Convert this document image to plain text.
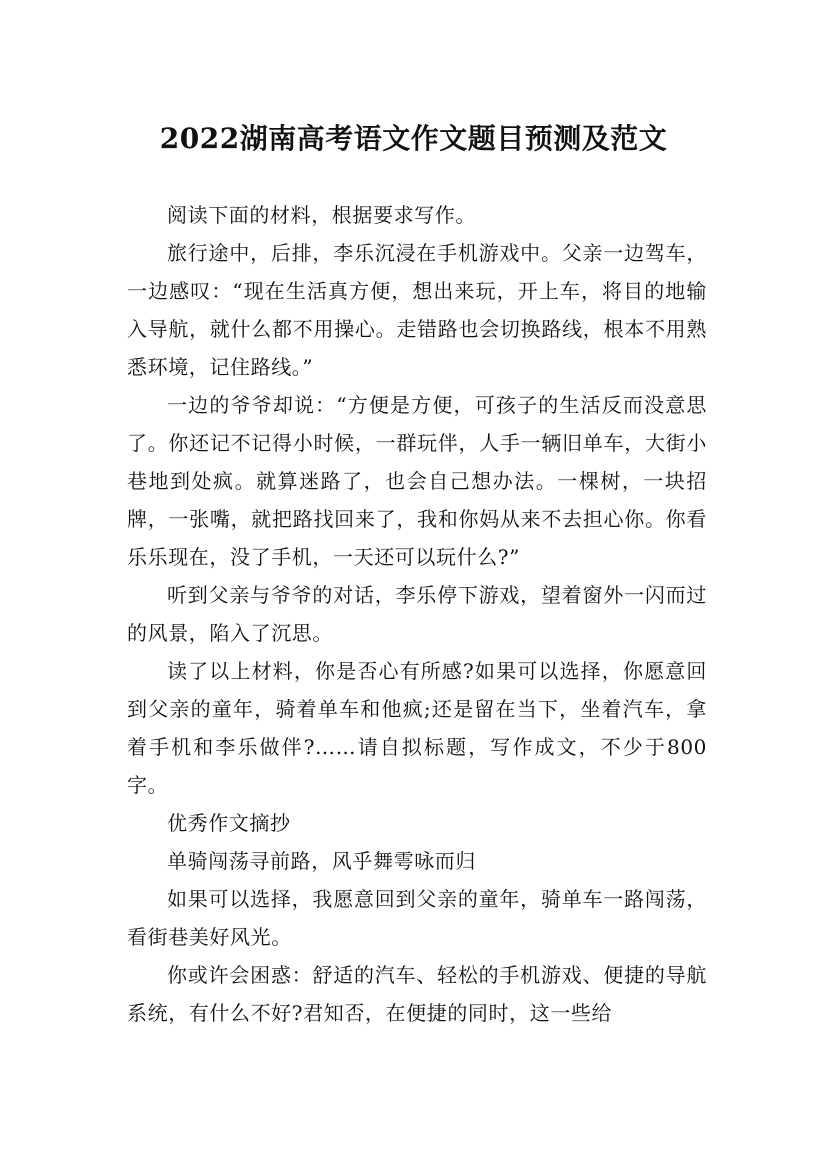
2022湖南高考语文作文题目预测及范文

阅读下面的材料，根据要求写作。

旅行途中，后排，李乐沉浸在手机游戏中。父亲一边驾车，一边感叹：“现在生活真方便，想出来玩，开上车，将目的地输入导航，就什么都不用操心。走错路也会切换路线，根本不用熟悉环境，记住路线。”

一边的爷爷却说：“方便是方便，可孩子的生活反而没意思了。你还记不记得小时候，一群玩伴，人手一辆旧单车，大街小巷地到处疯。就算迷路了，也会自己想办法。一棵树，一块招牌，一张嘴，就把路找回来了，我和你妈从来不去担心你。你看乐乐现在，没了手机，一天还可以玩什么?”

听到父亲与爷爷的对话，李乐停下游戏，望着窗外一闪而过的风景，陷入了沉思。

读了以上材料，你是否心有所感?如果可以选择，你愿意回到父亲的童年，骑着单车和他疯;还是留在当下，坐着汽车，拿着手机和李乐做伴?……请自拟标题，写作成文，不少于800字。

优秀作文摘抄

单骑闯荡寻前路，风乎舞雩咏而归

如果可以选择，我愿意回到父亲的童年，骑单车一路闯荡，看街巷美好风光。

你或许会困惑：舒适的汽车、轻松的手机游戏、便捷的导航系统，有什么不好?君知否，在便捷的同时，这一些给
